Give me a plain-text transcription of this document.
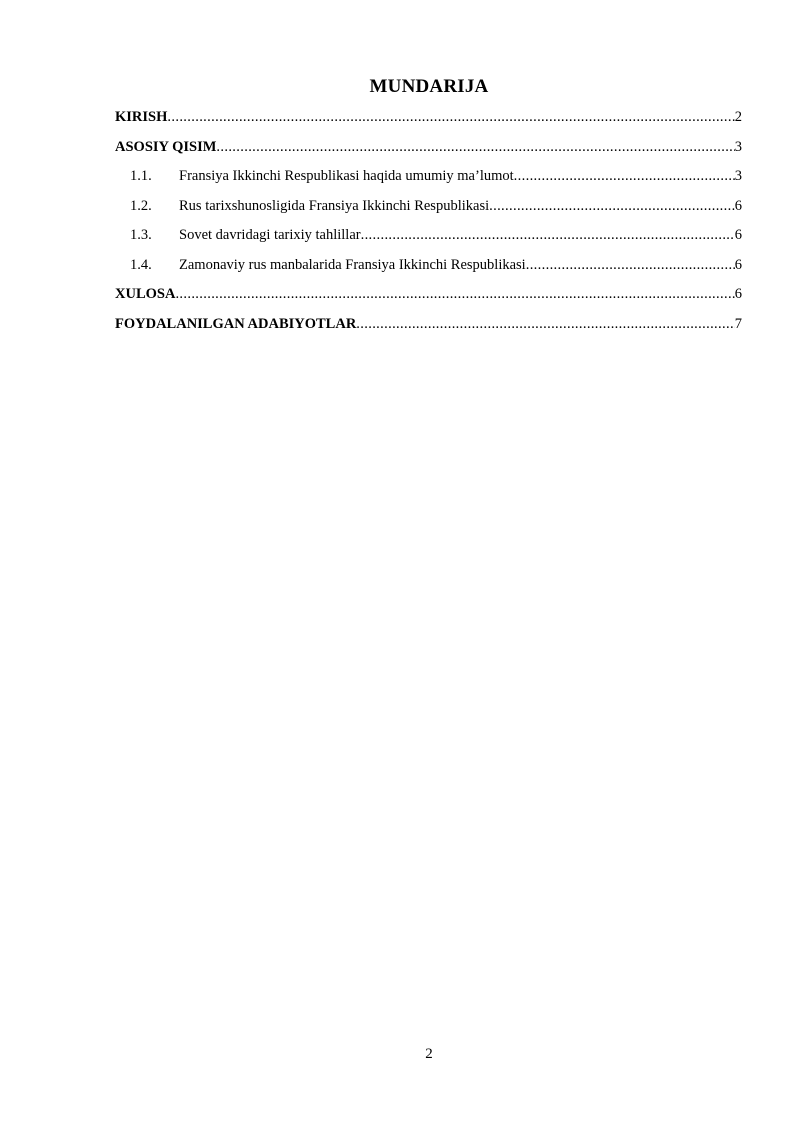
MUNDARIJA
KIRISH .....	2
ASOSIY QISIM .....	3
1.1.	Fransiya Ikkinchi Respublikasi haqida umumiy ma’lumot .....	3
1.2.	Rus tarixshunosligida Fransiya Ikkinchi Respublikasi .....	6
1.3.	Sovet davridagi tarixiy tahlillar .....	6
1.4.	Zamonaviy rus manbalarida Fransiya Ikkinchi Respublikasi .....	6
XULOSA .....	6
FOYDALANILGAN ADABIYOTLAR .....	7
2
